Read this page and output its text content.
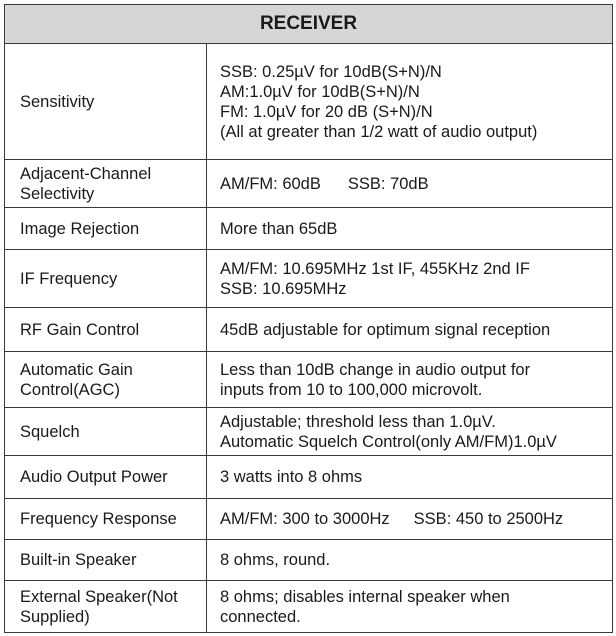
RECEIVER	

Sensitivity	SSB: 0.25µV for 10dB(S+N)/N
AM:1.0µV for 10dB(S+N)/N
FM: 1.0µV for 20 dB (S+N)/N
(All at greater than 1/2 watt of audio output)

Adjacent-Channel
Selectivity	AM/FM: 60dB SSB: 70dB

Image Rejection	More than 65dB

IF Frequency	AM/FM: 10.695MHz 1st IF, 455KHz 2nd IF
SSB: 10.695MHz

RF Gain Control	45dB adjustable for optimum signal reception

Automatic Gain
Control(AGC)	Less than 10dB change in audio output for
inputs from 10 to 100,000 microvolt.

Squelch	Adjustable; threshold less than 1.0µV.
Automatic Squelch Control(only AM/FM)1.0µV

Audio Output Power	3 watts into 8 ohms

Frequency Response	AM/FM: 300 to 3000Hz SSB: 450 to 2500Hz

Built-in Speaker	8 ohms, round.

External Speaker(Not
Supplied)	8 ohms; disables internal speaker when
connected.
